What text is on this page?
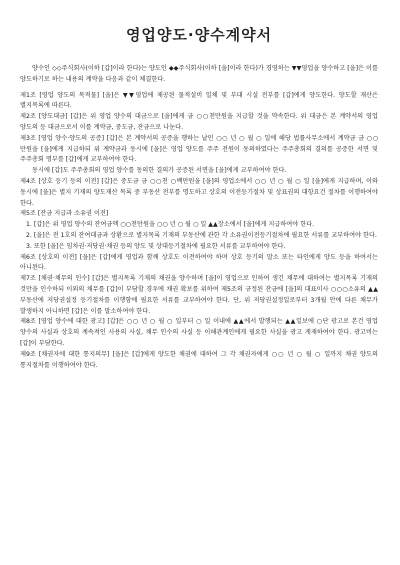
영업양도·양수계약서

양수인 ◇◇주식회사(이하 [갑]이라 한다)는 양도인 ◆◆주식회사(이하 [을]이라 한다)가 경영하는 ▼▼영업을 양수하고 [을]은 이를 양도하기로 하는 내용의 계약을 다음과 같이 체결한다.

제1조 [영업 양도의 목적물] [을]은 ▼▼영업에 제공된 물적설비 일체 및 부대 시설 전부를 [갑]에게 양도한다. 양도할 재산은 별지목록에 따른다.

제2조 [양도대금] [갑]은 위 영업 양수의 대금으로 [을]에게 금 ○○천만원을 지급할 것을 약속한다. 위 대금은 본 계약서의 영업 양도의 등 대금으로서 이를 계약금, 중도금, 잔금으로 나눈다.

제3조 [영업 양수·양도의 공증] [갑]은 본 계약서의 공증을 행하는 날인 ○○ 년 ○ 월 ○ 일에 해당 법률사무소에서 계약금 금 ○○만원을 [을]에게 지급하되 위 계약금과 동시에 [을]은 영업 양도를 주주 전원이 동의하였다는 주주총회의 결의를 공증한 서면 및 주주총회 명부를 [갑]에게 교부하여야 한다.

동시에 [갑]도 주주총회의 영업 양수를 동의한 결의가 공증된 서면을 [을]에게 교부하여야 한다.

제4조 [상호 등기 등의 이전] [갑]은 중도금 금 ○○천 ○백만원을 [을]의 영업소에서 ○○ 년 ○ 월 ○ 일 [을]에게 지급하며, 이와 동시에 [을]은 별지 기재의 양도재산 목록 중 부동산 전부를 명도하고 상호의 이전등기절차 및 상표권의 대항요건 절차를 이행하여야 한다.

제5조 [잔금 지급과 소유권 이전]

1. [갑]은 위 영업 양수의 잔여금액 ○○천만원을 ○○ 년 ○ 월 ○ 일 ▲▲장소에서 [을]에게 지급하여야 한다.

2. [을]은 전 1호의 잔여대금과 상환으로 별지목록 기재의 부동산에 관한 각 소유권이전등기절차에 필요한 서류를 교부하여야 한다.

3. 또한 [을]은 임차권·저당권·채권 등의 양도 및 상대등기절차에 필요한 서류를 교부하여야 한다.

제6조 [상호의 이전] [을]은 [갑]에게 영업과 함께 상호도 이전하여야 하며 상호 등기의 말소 또는 타인에게 양도 등을 하여서는 아니된다.

제7조 [채권·채무의 인수] [갑]은 별지목록 기재의 채권을 양수하며 [을]이 영업으로 인하여 생긴 채무에 대하여는 별지목록 기재의 것만을 인수하되 이외의 채무를 [갑]이 부담할 경우에 채권 확보를 위하여 제5조의 규정된 잔금에 [을]의 대표이사 ○○○소유의 ▲▲부동산에 저당권설정 등기절차를 이행함에 필요한 서류를 교부하여야 한다. 단, 위 저당권설정일로부터 3개월 안에 다른 채무가 발생하지 아니하면 [갑]은 이를 말소하여야 한다.

제8조 [영업 양수에 대한 광고] [갑]은 ○○ 년 ○ 월 ○ 일부터 ○ 일 이내에 ▲▲에서 발행되는 ▲▲일보에 ○단 광고로 본건 영업 양수의 사실과 상호의 계속적인 사용의 사실, 채무 인수의 사실 등 이해관계인에게 필요한 사실을 광고 게재하여야 한다. 광고비는 [갑]이 부담한다.

제9조 [채권자에 대한 통지의무] [을]은 [갑]에게 양도한 채권에 대하여 그 각 채권자에게 ○○ 년 ○ 월 ○ 일까지 채권 양도의 통지절차를 이행하여야 한다.
